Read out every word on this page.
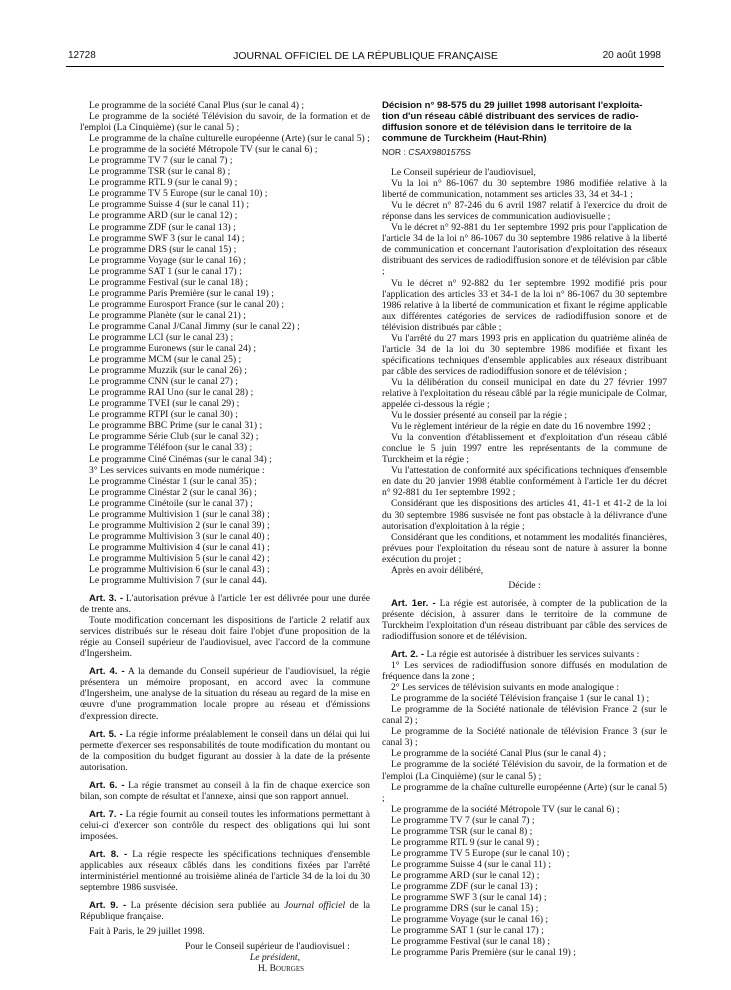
12728	JOURNAL OFFICIEL DE LA RÉPUBLIQUE FRANÇAISE	20 août 1998

Le programme de la société Canal Plus (sur le canal 4) ;

Le programme de la société Télévision du savoir, de la formation et de l'emploi (La Cinquième) (sur le canal 5) ;

Le programme de la chaîne culturelle européenne (Arte) (sur le canal 5) ;

Le programme de la société Métropole TV (sur le canal 6) ;

Le programme TV 7 (sur le canal 7) ;

Le programme TSR (sur le canal 8) ;

Le programme RTL 9 (sur le canal 9) ;

Le programme TV 5 Europe (sur le canal 10) ;

Le programme Suisse 4 (sur le canal 11) ;

Le programme ARD (sur le canal 12) ;

Le programme ZDF (sur le canal 13) ;

Le programme SWF 3 (sur le canal 14) ;

Le programme DRS (sur le canal 15) ;

Le programme Voyage (sur le canal 16) ;

Le programme SAT 1 (sur le canal 17) ;

Le programme Festival (sur le canal 18) ;

Le programme Paris Première (sur le canal 19) ;

Le programme Eurosport France (sur le canal 20) ;

Le programme Planète (sur le canal 21) ;

Le programme Canal J/Canal Jimmy (sur le canal 22) ;

Le programme LCI (sur le canal 23) ;

Le programme Euronews (sur le canal 24) ;

Le programme MCM (sur le canal 25) ;

Le programme Muzzik (sur le canal 26) ;

Le programme CNN (sur le canal 27) ;

Le programme RAI Uno (sur le canal 28) ;

Le programme TVEI (sur le canal 29) ;

Le programme RTPI (sur le canal 30) ;

Le programme BBC Prime (sur le canal 31) ;

Le programme Série Club (sur le canal 32) ;

Le programme Téléfoon (sur le canal 33) ;

Le programme Ciné Cinémas (sur le canal 34) ;

3° Les services suivants en mode numérique :

Le programme Cinéstar 1 (sur le canal 35) ;

Le programme Cinéstar 2 (sur le canal 36) ;

Le programme Cinétoile (sur le canal 37) ;

Le programme Multivision 1 (sur le canal 38) ;

Le programme Multivision 2 (sur le canal 39) ;

Le programme Multivision 3 (sur le canal 40) ;

Le programme Multivision 4 (sur le canal 41) ;

Le programme Multivision 5 (sur le canal 42) ;

Le programme Multivision 6 (sur le canal 43) ;

Le programme Multivision 7 (sur le canal 44).

Art. 3. - L'autorisation prévue à l'article 1er est délivrée pour une durée de trente ans.

Toute modification concernant les dispositions de l'article 2 relatif aux services distribués sur le réseau doit faire l'objet d'une proposition de la régie au Conseil supérieur de l'audiovisuel, avec l'accord de la commune d'Ingersheim.

Art. 4. - A la demande du Conseil supérieur de l'audiovisuel, la régie présentera un mémoire proposant, en accord avec la commune d'Ingersheim, une analyse de la situation du réseau au regard de la mise en œuvre d'une programmation locale propre au réseau et d'émissions d'expression directe.

Art. 5. - La régie informe préalablement le conseil dans un délai qui lui permette d'exercer ses responsabilités de toute modification du montant ou de la composition du budget figurant au dossier à la date de la présente autorisation.

Art. 6. - La régie transmet au conseil à la fin de chaque exercice son bilan, son compte de résultat et l'annexe, ainsi que son rapport annuel.

Art. 7. - La régie fournit au conseil toutes les informations permettant à celui-ci d'exercer son contrôle du respect des obligations qui lui sont imposées.

Art. 8. - La régie respecte les spécifications techniques d'ensemble applicables aux réseaux câblés dans les conditions fixées par l'arrêté interministériel mentionné au troisième alinéa de l'article 34 de la loi du 30 septembre 1986 susvisée.

Art. 9. - La présente décision sera publiée au Journal officiel de la République française.

Fait à Paris, le 29 juillet 1998.

Pour le Conseil supérieur de l'audiovisuel :

Le président,

H. Bourges

Décision n° 98-575 du 29 juillet 1998 autorisant l'exploita-

tion d'un réseau câblé distribuant des services de radio-

diffusion sonore et de télévision dans le territoire de la

commune de Turckheim (Haut-Rhin)

NOR : CSAX9801575S

Le Conseil supérieur de l'audiovisuel,

Vu la loi n° 86-1067 du 30 septembre 1986 modifiée relative à la liberté de communication, notamment ses articles 33, 34 et 34-1 ;

Vu le décret n° 87-246 du 6 avril 1987 relatif à l'exercice du droit de réponse dans les services de communication audiovisuelle ;

Vu le décret n° 92-881 du 1er septembre 1992 pris pour l'application de l'article 34 de la loi n° 86-1067 du 30 septembre 1986 relative à la liberté de communication et concernant l'autorisation d'exploitation des réseaux distribuant des services de radiodiffusion sonore et de télévision par câble ;

Vu le décret n° 92-882 du 1er septembre 1992 modifié pris pour l'application des articles 33 et 34-1 de la loi n° 86-1067 du 30 septembre 1986 relative à la liberté de communication et fixant le régime applicable aux différentes catégories de services de radiodiffusion sonore et de télévision distribués par câble ;

Vu l'arrêté du 27 mars 1993 pris en application du quatrième alinéa de l'article 34 de la loi du 30 septembre 1986 modifiée et fixant les spécifications techniques d'ensemble applicables aux réseaux distribuant par câble des services de radiodiffusion sonore et de télévision ;

Vu la délibération du conseil municipal en date du 27 février 1997 relative à l'exploitation du réseau câblé par la régie municipale de Colmar, appelée ci-dessous la régie ;

Vu le dossier présenté au conseil par la régie ;

Vu le règlement intérieur de la régie en date du 16 novembre 1992 ;

Vu la convention d'établissement et d'exploitation d'un réseau câblé conclue le 5 juin 1997 entre les représentants de la commune de Turckheim et la régie ;

Vu l'attestation de conformité aux spécifications techniques d'ensemble en date du 20 janvier 1998 établie conformément à l'article 1er du décret n° 92-881 du 1er septembre 1992 ;

Considérant que les dispositions des articles 41, 41-1 et 41-2 de la loi du 30 septembre 1986 susvisée ne font pas obstacle à la délivrance d'une autorisation d'exploitation à la régie ;

Considérant que les conditions, et notamment les modalités financières, prévues pour l'exploitation du réseau sont de nature à assurer la bonne exécution du projet ;

Après en avoir délibéré,

Décide :

Art. 1er. - La régie est autorisée, à compter de la publication de la présente décision, à assurer dans le territoire de la commune de Turckheim l'exploitation d'un réseau distribuant par câble des services de radiodiffusion sonore et de télévision.

Art. 2. - La régie est autorisée à distribuer les services suivants :

1° Les services de radiodiffusion sonore diffusés en modulation de fréquence dans la zone ;

2° Les services de télévision suivants en mode analogique :

Le programme de la société Télévision française 1 (sur le canal 1) ;

Le programme de la Société nationale de télévision France 2 (sur le canal 2) ;

Le programme de la Société nationale de télévision France 3 (sur le canal 3) ;

Le programme de la société Canal Plus (sur le canal 4) ;

Le programme de la société Télévision du savoir, de la formation et de l'emploi (La Cinquième) (sur le canal 5) ;

Le programme de la chaîne culturelle européenne (Arte) (sur le canal 5) ;

Le programme de la société Métropole TV (sur le canal 6) ;

Le programme TV 7 (sur le canal 7) ;

Le programme TSR (sur le canal 8) ;

Le programme RTL 9 (sur le canal 9) ;

Le programme TV 5 Europe (sur le canal 10) ;

Le programme Suisse 4 (sur le canal 11) ;

Le programme ARD (sur le canal 12) ;

Le programme ZDF (sur le canal 13) ;

Le programme SWF 3 (sur le canal 14) ;

Le programme DRS (sur le canal 15) ;

Le programme Voyage (sur le canal 16) ;

Le programme SAT 1 (sur le canal 17) ;

Le programme Festival (sur le canal 18) ;

Le programme Paris Première (sur le canal 19) ;
